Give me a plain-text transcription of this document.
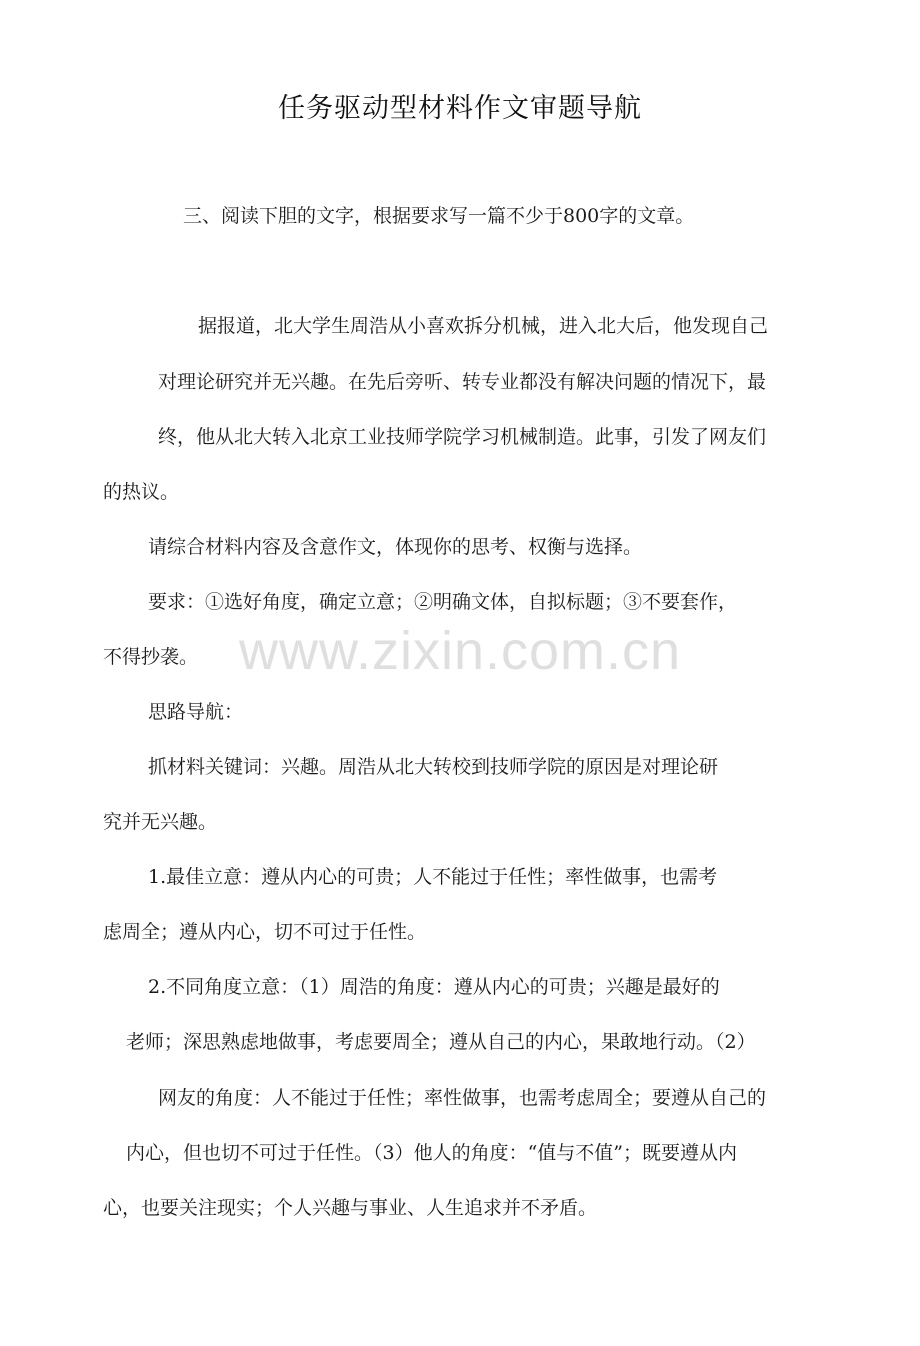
任务驱动型材料作文审题导航
三、阅读下胆的文字，根据要求写一篇不少于800字的文章。
据报道，北大学生周浩从小喜欢拆分机械，进入北大后，他发现自己
对理论研究并无兴趣。在先后旁听、转专业都没有解决问题的情况下，最
终，他从北大转入北京工业技师学院学习机械制造。此事，引发了网友们
的热议。
请综合材料内容及含意作文，体现你的思考、权衡与选择。
要求：①选好角度，确定立意；②明确文体，自拟标题；③不要套作，
不得抄袭。
思路导航：
抓材料关键词：兴趣。周浩从北大转校到技师学院的原因是对理论研
究并无兴趣。
1.最佳立意：遵从内心的可贵；人不能过于任性；率性做事，也需考
虑周全；遵从内心，切不可过于任性。
2.不同角度立意：（1）周浩的角度：遵从内心的可贵；兴趣是最好的
老师；深思熟虑地做事，考虑要周全；遵从自己的内心，果敢地行动。（2）
网友的角度：人不能过于任性；率性做事，也需考虑周全；要遵从自己的
内心，但也切不可过于任性。（3）他人的角度：“值与不值”；既要遵从内
心，也要关注现实；个人兴趣与事业、人生追求并不矛盾。
www.zixin.com.cn
